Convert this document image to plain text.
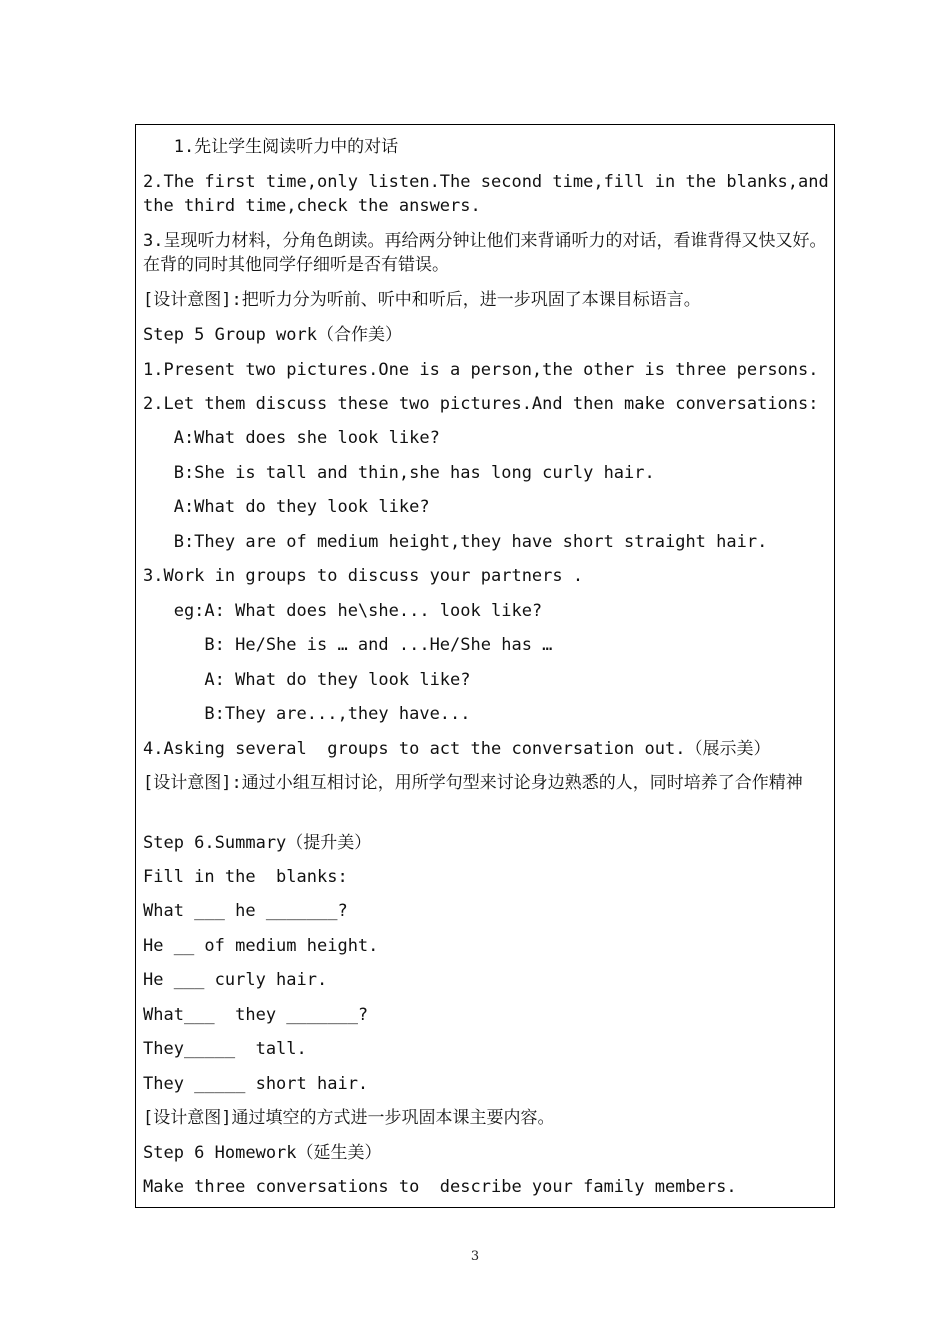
1.先让学生阅读听力中的对话
2.The first time,only listen.The second time,fill in the blanks,and the third time,check the answers.
3.呈现听力材料，分角色朗读。再给两分钟让他们来背诵听力的对话，看谁背得又快又好。在背的同时其他同学仔细听是否有错误。
[设计意图]:把听力分为听前、听中和听后，进一步巩固了本课目标语言。
Step 5 Group work（合作美）
1.Present two pictures.One is a person,the other is three persons.
2.Let them discuss these two pictures.And then make conversations:
A:What does she look like?
B:She is tall and thin,she has long curly hair.
A:What do they look like?
B:They are of medium height,they have short straight hair.
3.Work in groups to discuss your partners .
eg:A: What does he\she... look like?
B: He/She is … and ...He/She has …
A: What do they look like?
B:They are...,they have...
4.Asking several  groups to act the conversation out.（展示美）
[设计意图]:通过小组互相讨论，用所学句型来讨论身边熟悉的人，同时培养了合作精神
Step 6.Summary（提升美）
Fill in the  blanks:
What ___ he _______?
He __ of medium height.
He ___ curly hair.
What___  they _______?
They_____  tall.
They _____ short hair.
[设计意图]通过填空的方式进一步巩固本课主要内容。
Step 6 Homework（延生美）
Make three conversations to  describe your family members.
3
